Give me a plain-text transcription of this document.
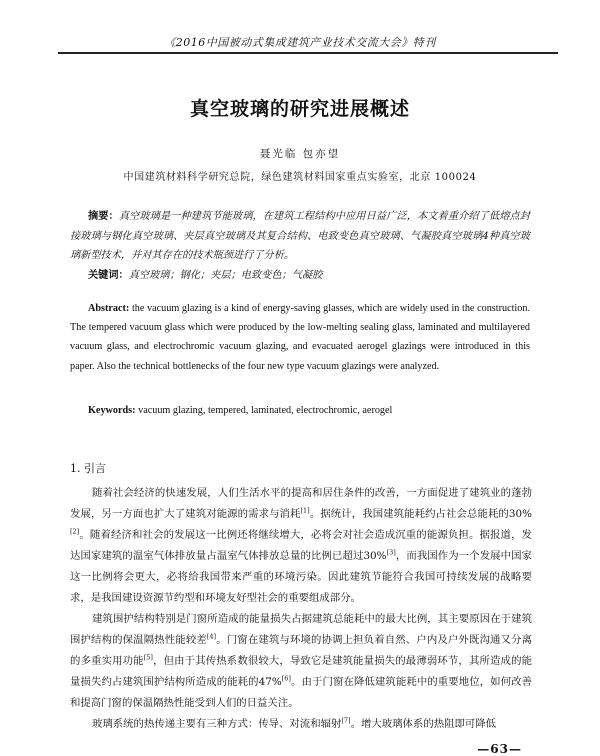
《2016中国被动式集成建筑产业技术交流大会》特刊
真空玻璃的研究进展概述
聂光临 包亦望
中国建筑材料科学研究总院，绿色建筑材料国家重点实验室，北京 100024
摘要：真空玻璃是一种建筑节能玻璃，在建筑工程结构中应用日益广泛，本文着重介绍了低熔点封接玻璃与钢化真空玻璃、夹层真空玻璃及其复合结构、电致变色真空玻璃、气凝胶真空玻璃4种真空玻璃新型技术，并对其存在的技术瓶颈进行了分析。
关键词：真空玻璃；钢化；夹层；电致变色；气凝胶
Abstract: the vacuum glazing is a kind of energy-saving glasses, which are widely used in the construction. The tempered vacuum glass which were produced by the low-melting sealing glass, laminated and multilayered vacuum glass, and electrochromic vacuum glazing, and evacuated aerogel glazings were introduced in this paper. Also the technical bottlenecks of the four new type vacuum glazings were analyzed.
Keywords: vacuum glazing, tempered, laminated, electrochromic, aerogel
1. 引言

随着社会经济的快速发展，人们生活水平的提高和居住条件的改善，一方面促进了建筑业的蓬勃发展，另一方面也扩大了建筑对能源的需求与消耗[1]。据统计，我国建筑能耗约占社会总能耗的30%[2]。随着经济和社会的发展这一比例还将继续增大，必将会对社会造成沉重的能源负担。据报道，发达国家建筑的温室气体排放量占温室气体排放总量的比例已超过30%[3]，而我国作为一个发展中国家这一比例将会更大，必将给我国带来严重的环境污染。因此建筑节能符合我国可持续发展的战略要求，是我国建设资源节约型和环境友好型社会的重要组成部分。

建筑围护结构特别是门窗所造成的能量损失占据建筑总能耗中的最大比例，其主要原因在于建筑围护结构的保温隔热性能较差[4]。门窗在建筑与环境的协调上担负着自然、户内及户外既沟通又分离的多重实用功能[5]，但由于其传热系数很较大，导致它是建筑能量损失的最薄弱环节，其所造成的能量损失约占建筑围护结构所造成的能耗的47%[6]。由于门窗在降低建筑能耗中的重要地位，如何改善和提高门窗的保温隔热性能受到人们的日益关注。

玻璃系统的热传递主要有三种方式：传导、对流和辐射[7]。增大玻璃体系的热阻即可降低

—63—
